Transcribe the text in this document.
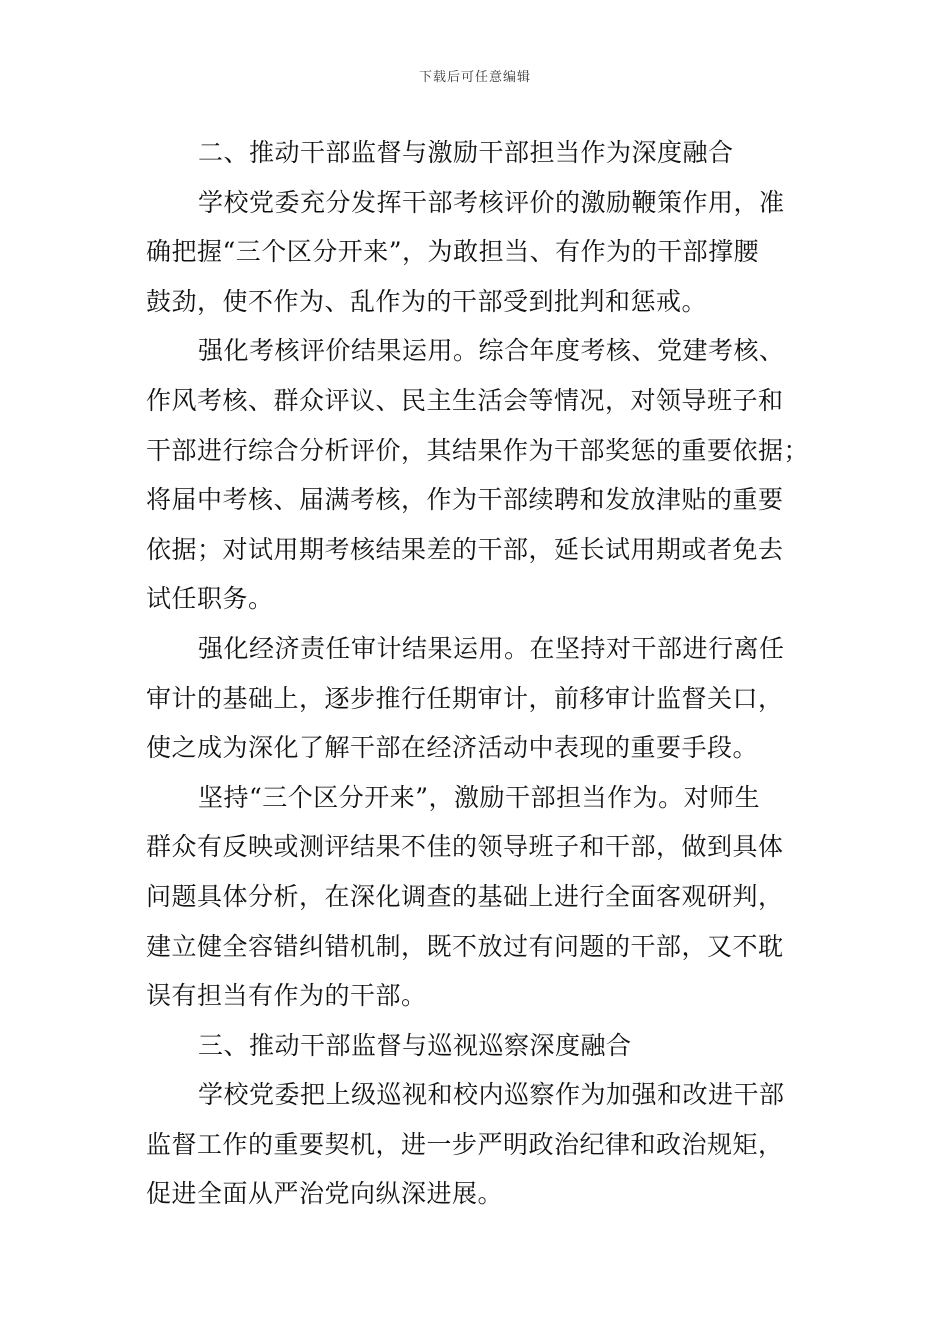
下载后可任意编辑
二、推动干部监督与激励干部担当作为深度融合
学校党委充分发挥干部考核评价的激励鞭策作用，准
确把握“三个区分开来”，为敢担当、有作为的干部撑腰
鼓劲，使不作为、乱作为的干部受到批判和惩戒。
强化考核评价结果运用。综合年度考核、党建考核、
作风考核、群众评议、民主生活会等情况，对领导班子和
干部进行综合分析评价，其结果作为干部奖惩的重要依据；
将届中考核、届满考核，作为干部续聘和发放津贴的重要
依据；对试用期考核结果差的干部，延长试用期或者免去
试任职务。
强化经济责任审计结果运用。在坚持对干部进行离任
审计的基础上，逐步推行任期审计，前移审计监督关口，
使之成为深化了解干部在经济活动中表现的重要手段。
坚持“三个区分开来”，激励干部担当作为。对师生
群众有反映或测评结果不佳的领导班子和干部，做到具体
问题具体分析，在深化调查的基础上进行全面客观研判，
建立健全容错纠错机制，既不放过有问题的干部，又不耽
误有担当有作为的干部。
三、推动干部监督与巡视巡察深度融合
学校党委把上级巡视和校内巡察作为加强和改进干部
监督工作的重要契机，进一步严明政治纪律和政治规矩，
促进全面从严治党向纵深进展。
